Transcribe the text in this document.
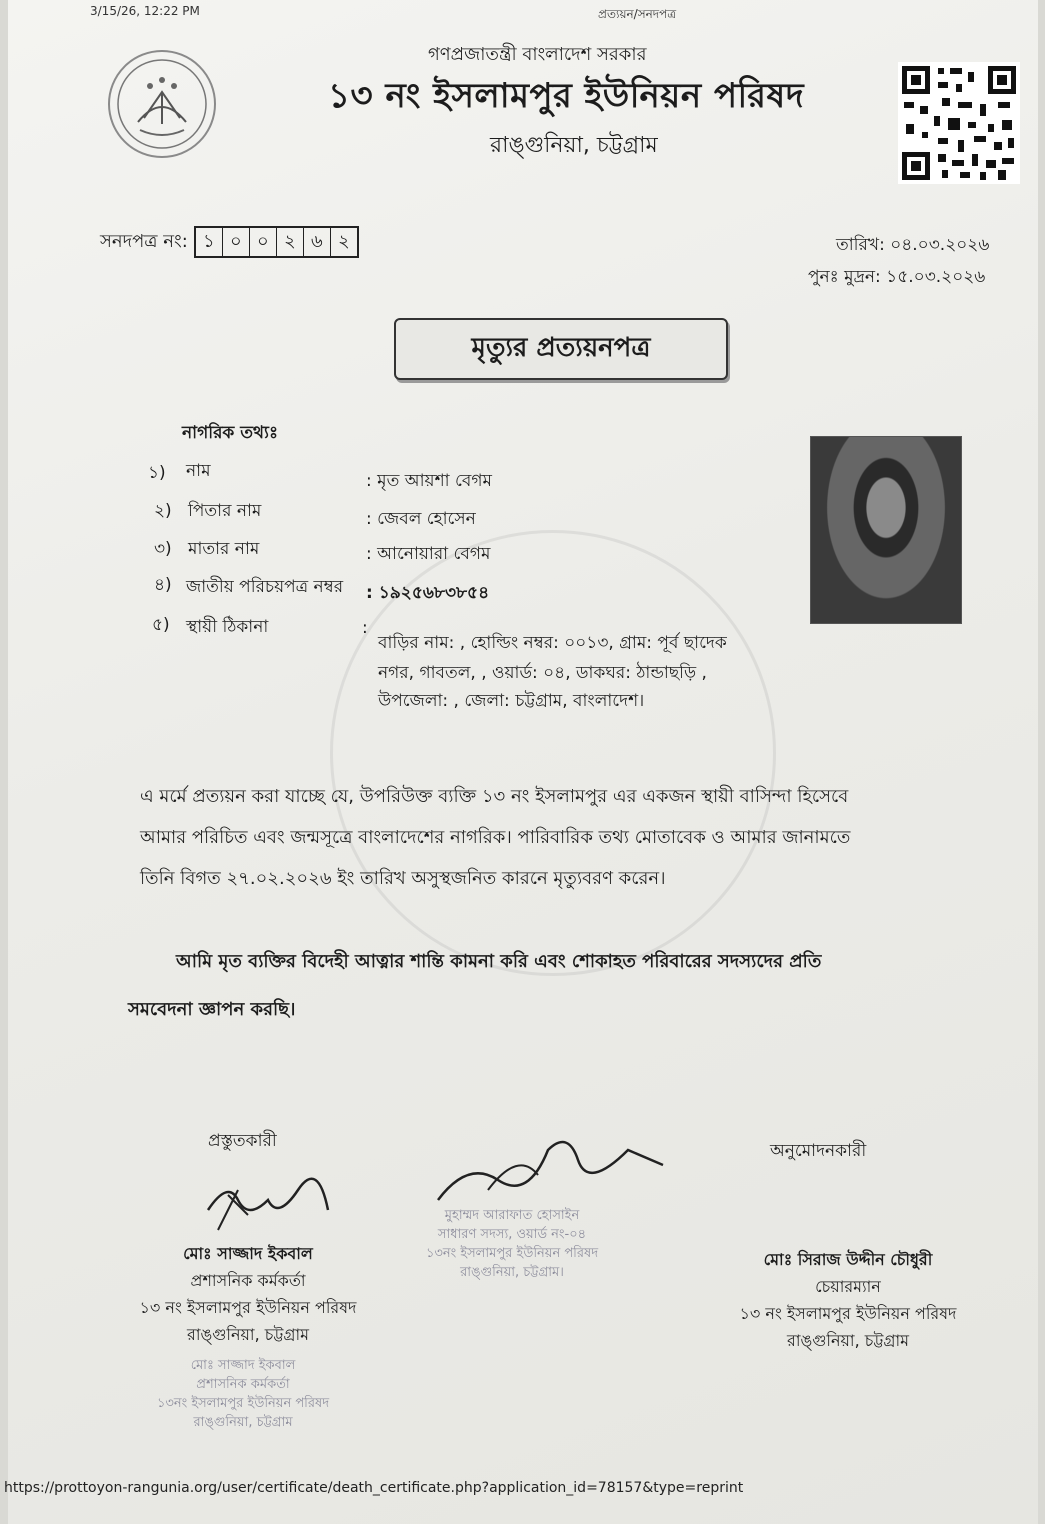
3/15/26, 12:22 PM	প্রত্যয়ন/সনদপত্র
গণপ্রজাতন্ত্রী বাংলাদেশ সরকার
১৩ নং ইসলামপুর ইউনিয়ন পরিষদ
রাঙ্গুনিয়া, চট্টগ্রাম
সনদপত্র নং: ১ ০ ০ ২ ৬ ২	তারিখ: ০৪.০৩.২০২৬
পুনঃ মুদ্রন: ১৫.০৩.২০২৬
মৃত্যুর প্রত্যয়নপত্র
নাগরিক তথ্যঃ
১) নাম	: মৃত আয়শা বেগম
২) পিতার নাম	: জেবল হোসেন
৩) মাতার নাম	: আনোয়ারা বেগম
৪) জাতীয় পরিচয়পত্র নম্বর : ১৯২৫৬৮৩৮৫৪
৫) স্থায়ী ঠিকানা	:
বাড়ির নাম: , হোল্ডিং নম্বর: ০০১৩, গ্রাম: পূর্ব ছাদেক
নগর, গাবতল, , ওয়ার্ড: ০৪, ডাকঘর: ঠান্ডাছড়ি ,
উপজেলা: , জেলা: চট্টগ্রাম, বাংলাদেশ।
এ মর্মে প্রত্যয়ন করা যাচ্ছে যে, উপরিউক্ত ব্যক্তি ১৩ নং ইসলামপুর এর একজন স্থায়ী বাসিন্দা হিসেবে
আমার পরিচিত এবং জন্মসূত্রে বাংলাদেশের নাগরিক। পারিবারিক তথ্য মোতাবেক ও আমার জানামতে
তিনি বিগত ২৭.০২.২০২৬ ইং তারিখ অসুস্থজনিত কারনে মৃত্যুবরণ করেন।
আমি মৃত ব্যক্তির বিদেহী আত্নার শান্তি কামনা করি এবং শোকাহত পরিবারের সদস্যদের প্রতি
সমবেদনা জ্ঞাপন করছি।
প্রস্তুতকারী
মোঃ সাজ্জাদ ইকবাল
প্রশাসনিক কর্মকর্তা
১৩ নং ইসলামপুর ইউনিয়ন পরিষদ
রাঙ্গুনিয়া, চট্টগ্রাম
মোঃ সাজ্জাদ ইকবাল
প্রশাসনিক কর্মকর্তা
১৩নং ইসলামপুর ইউনিয়ন পরিষদ
রাঙ্গুনিয়া, চট্টগ্রাম
মুহাম্মদ আরাফাত হোসাইন
সাধারণ সদস্য, ওয়ার্ড নং-০৪
১৩নং ইসলামপুর ইউনিয়ন পরিষদ
রাঙ্গুনিয়া, চট্টগ্রাম।
অনুমোদনকারী
মোঃ সিরাজ উদ্দীন চৌধুরী
চেয়ারম্যান
১৩ নং ইসলামপুর ইউনিয়ন পরিষদ
রাঙ্গুনিয়া, চট্টগ্রাম
https://prottoyon-rangunia.org/user/certificate/death_certificate.php?application_id=78157&type=reprint
